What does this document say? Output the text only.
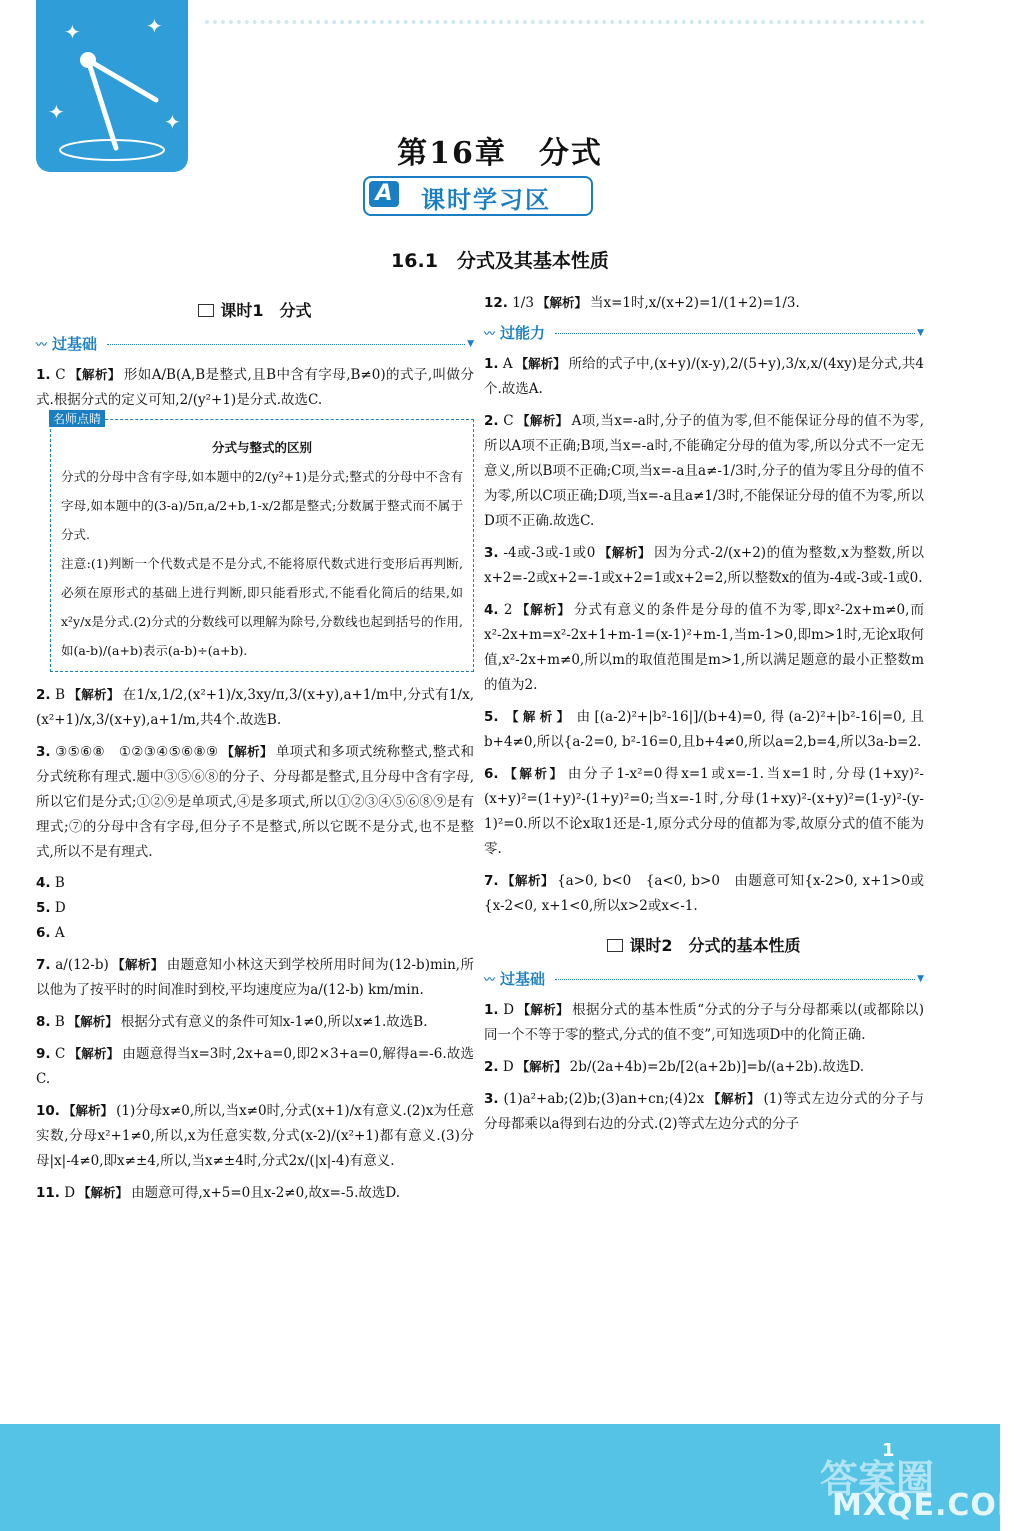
✦	✦
✦	✦
第16章　分式
A 课时学习区
16.1　分式及其基本性质
课时1　分式
〰 过基础	▼

1. C 【解析】 形如A/B(A,B是整式,且B中含有字母,B≠0)的式子,叫做分式.根据分式的定义可知,2/(y²+1)是分式.故选C.

名师点睛
分式与整式的区别

分式的分母中含有字母,如本题中的2/(y²+1)是分式;整式的分母中不含有字母,如本题中的(3-a)/5π,a/2+b,1-x/2都是整式;分数属于整式而不属于分式.

注意:(1)判断一个代数式是不是分式,不能将原代数式进行变形后再判断,必须在原形式的基础上进行判断,即只能看形式,不能看化简后的结果,如x²y/x是分式.(2)分式的分数线可以理解为除号,分数线也起到括号的作用,如(a-b)/(a+b)表示(a-b)÷(a+b).

2. B 【解析】 在1/x,1/2,(x²+1)/x,3xy/π,3/(x+y),a+1/m中,分式有1/x,(x²+1)/x,3/(x+y),a+1/m,共4个.故选B.

3. ③⑤⑥⑧　①②③④⑤⑥⑧⑨ 【解析】 单项式和多项式统称整式,整式和分式统称有理式.题中③⑤⑥⑧的分子、分母都是整式,且分母中含有字母,所以它们是分式;①②⑨是单项式,④是多项式,所以①②③④⑤⑥⑧⑨是有理式;⑦的分母中含有字母,但分子不是整式,所以它既不是分式,也不是整式,所以不是有理式.

4. B

5. D

6. A

7. a/(12-b) 【解析】 由题意知小林这天到学校所用时间为(12-b)min,所以他为了按平时的时间准时到校,平均速度应为a/(12-b) km/min.

8. B 【解析】 根据分式有意义的条件可知x-1≠0,所以x≠1.故选B.

9. C 【解析】 由题意得当x=3时,2x+a=0,即2×3+a=0,解得a=-6.故选C.

10. 【解析】 (1)分母x≠0,所以,当x≠0时,分式(x+1)/x有意义.(2)x为任意实数,分母x²+1≠0,所以,x为任意实数,分式(x-2)/(x²+1)都有意义.(3)分母|x|-4≠0,即x≠±4,所以,当x≠±4时,分式2x/(|x|-4)有意义.

11. D 【解析】 由题意可得,x+5=0且x-2≠0,故x=-5.故选D.

12. 1/3 【解析】 当x=1时,x/(x+2)=1/(1+2)=1/3.

〰 过能力	▼

1. A 【解析】 所给的式子中,(x+y)/(x-y),2/(5+y),3/x,x/(4xy)是分式,共4个.故选A.

2. C 【解析】 A项,当x=-a时,分子的值为零,但不能保证分母的值不为零,所以A项不正确;B项,当x=-a时,不能确定分母的值为零,所以分式不一定无意义,所以B项不正确;C项,当x=-a且a≠-1/3时,分子的值为零且分母的值不为零,所以C项正确;D项,当x=-a且a≠1/3时,不能保证分母的值不为零,所以D项不正确.故选C.

3. -4或-3或-1或0 【解析】 因为分式-2/(x+2)的值为整数,x为整数,所以x+2=-2或x+2=-1或x+2=1或x+2=2,所以整数x的值为-4或-3或-1或0.

4. 2 【解析】 分式有意义的条件是分母的值不为零,即x²-2x+m≠0,而x²-2x+m=x²-2x+1+m-1=(x-1)²+m-1,当m-1>0,即m>1时,无论x取何值,x²-2x+m≠0,所以m的取值范围是m>1,所以满足题意的最小正整数m的值为2.

5. 【解析】 由[(a-2)²+|b²-16|]/(b+4)=0,得(a-2)²+|b²-16|=0,且b+4≠0,所以{a-2=0, b²-16=0,且b+4≠0,所以a=2,b=4,所以3a-b=2.

6. 【解析】 由分子1-x²=0得x=1或x=-1.当x=1时,分母(1+xy)²-(x+y)²=(1+y)²-(1+y)²=0;当x=-1时,分母(1+xy)²-(x+y)²=(1-y)²-(y-1)²=0.所以不论x取1还是-1,原分式分母的值都为零,故原分式的值不能为零.

7. 【解析】 {a>0, b<0　{a<0, b>0　由题意可知{x-2>0, x+1>0或{x-2<0, x+1<0,所以x>2或x<-1.

课时2　分式的基本性质
〰 过基础	▼

1. D 【解析】 根据分式的基本性质“分式的分子与分母都乘以(或都除以)同一个不等于零的整式,分式的值不变”,可知选项D中的化简正确.

2. D 【解析】 2b/(2a+4b)=2b/[2(a+2b)]=b/(a+2b).故选D.

3. (1)a²+ab;(2)b;(3)an+cn;(4)2x 【解析】 (1)等式左边分式的分子与分母都乘以a得到右边的分式.(2)等式左边分式的分子

1
答案圈
MXQE.COM
